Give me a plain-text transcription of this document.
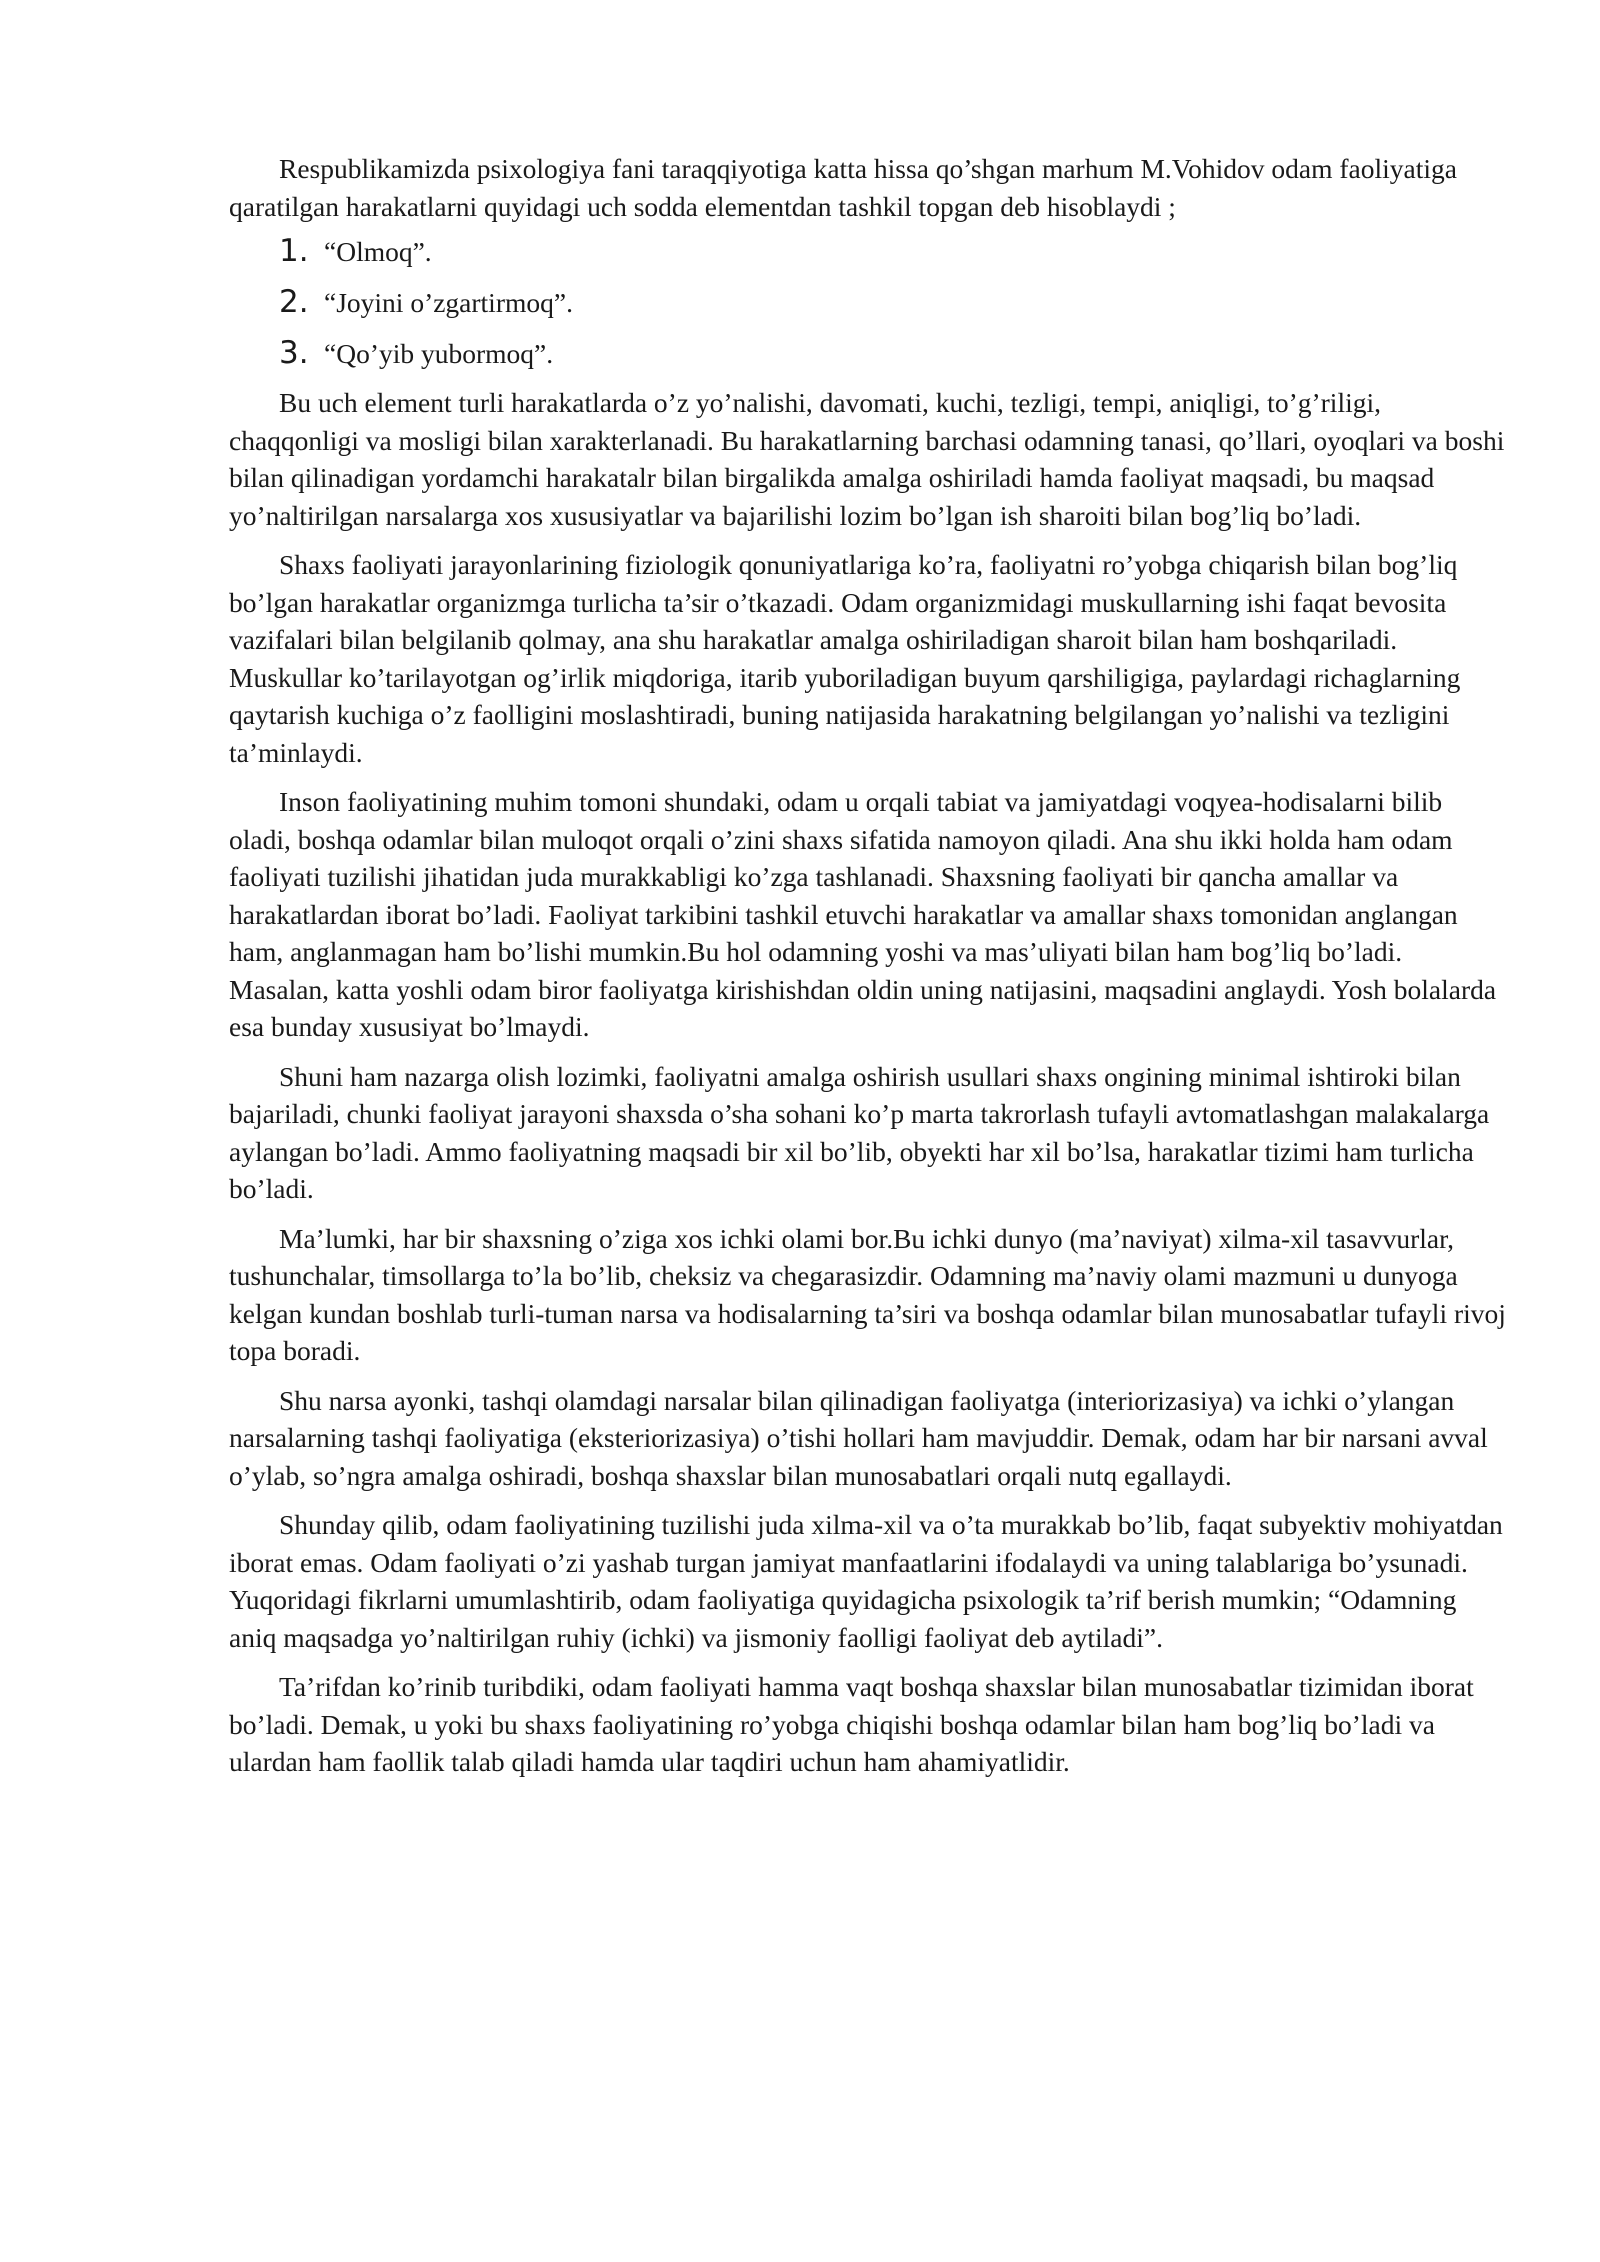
Respublikamizda psixologiya fani taraqqiyotiga katta hissa qo’shgan marhum M.Vohidov odam faoliyatiga qaratilgan harakatlarni quyidagi uch sodda elementdan tashkil topgan deb hisoblaydi ;

1. “Olmoq”.
2. “Joyini o’zgartirmoq”.
3. “Qo’yib yubormoq”.

Bu uch element turli harakatlarda o’z yo’nalishi, davomati, kuchi, tezligi, tempi, aniqligi, to’g’riligi, chaqqonligi va mosligi bilan xarakterlanadi. Bu harakatlarning barchasi odamning tanasi, qo’llari, oyoqlari va boshi bilan qilinadigan yordamchi harakatalr bilan birgalikda amalga oshiriladi hamda faoliyat maqsadi, bu maqsad yo’naltirilgan narsalarga xos xususiyatlar va bajarilishi lozim bo’lgan ish sharoiti bilan bog’liq bo’ladi.

Shaxs faoliyati jarayonlarining fiziologik qonuniyatlariga ko’ra, faoliyatni ro’yobga chiqarish bilan bog’liq bo’lgan harakatlar organizmga turlicha ta’sir o’tkazadi. Odam organizmidagi muskullarning ishi faqat bevosita vazifalari bilan belgilanib qolmay, ana shu harakatlar amalga oshiriladigan sharoit bilan ham boshqariladi. Muskullar ko’tarilayotgan og’irlik miqdoriga, itarib yuboriladigan buyum qarshiligiga, paylardagi richaglarning qaytarish kuchiga o’z faolligini moslashtiradi, buning natijasida harakatning belgilangan yo’nalishi va tezligini ta’minlaydi.

Inson faoliyatining muhim tomoni shundaki, odam u orqali tabiat va jamiyatdagi voqyea-hodisalarni bilib oladi, boshqa odamlar bilan muloqot orqali o’zini shaxs sifatida namoyon qiladi. Ana shu ikki holda ham odam faoliyati tuzilishi jihatidan juda murakkabligi ko’zga tashlanadi. Shaxsning faoliyati bir qancha amallar va harakatlardan iborat bo’ladi. Faoliyat tarkibini tashkil etuvchi harakatlar va amallar shaxs tomonidan anglangan ham, anglanmagan ham bo’lishi mumkin.Bu hol odamning yoshi va mas’uliyati bilan ham bog’liq bo’ladi. Masalan, katta yoshli odam biror faoliyatga kirishishdan oldin uning natijasini, maqsadini anglaydi. Yosh bolalarda esa bunday xususiyat bo’lmaydi.

Shuni ham nazarga olish lozimki, faoliyatni amalga oshirish usullari shaxs ongining minimal ishtiroki bilan bajariladi, chunki faoliyat jarayoni shaxsda o’sha sohani ko’p marta takrorlash tufayli avtomatlashgan malakalarga aylangan bo’ladi. Ammo faoliyatning maqsadi bir xil bo’lib, obyekti har xil bo’lsa, harakatlar tizimi ham turlicha bo’ladi.

Ma’lumki, har bir shaxsning o’ziga xos ichki olami bor.Bu ichki dunyo (ma’naviyat) xilma-xil tasavvurlar, tushunchalar, timsollarga to’la bo’lib, cheksiz va chegarasizdir. Odamning ma’naviy olami mazmuni u dunyoga kelgan kundan boshlab turli-tuman narsa va hodisalarning ta’siri va boshqa odamlar bilan munosabatlar tufayli rivoj topa boradi.

Shu narsa ayonki, tashqi olamdagi narsalar bilan qilinadigan faoliyatga (interiorizasiya) va ichki o’ylangan narsalarning tashqi faoliyatiga (eksteriorizasiya) o’tishi hollari ham mavjuddir. Demak, odam har bir narsani avval o’ylab, so’ngra amalga oshiradi, boshqa shaxslar bilan munosabatlari orqali nutq egallaydi.

Shunday qilib, odam faoliyatining tuzilishi juda xilma-xil va o’ta murakkab bo’lib, faqat subyektiv mohiyatdan iborat emas. Odam faoliyati o’zi yashab turgan jamiyat manfaatlarini ifodalaydi va uning talablariga bo’ysunadi. Yuqoridagi fikrlarni umumlashtirib, odam faoliyatiga quyidagicha psixologik ta’rif berish mumkin; “Odamning aniq maqsadga yo’naltirilgan ruhiy (ichki) va jismoniy faolligi faoliyat deb aytiladi”.

Ta’rifdan ko’rinib turibdiki, odam faoliyati hamma vaqt boshqa shaxslar bilan munosabatlar tizimidan iborat bo’ladi. Demak, u yoki bu shaxs faoliyatining ro’yobga chiqishi boshqa odamlar bilan ham bog’liq bo’ladi va ulardan ham faollik talab qiladi hamda ular taqdiri uchun ham ahamiyatlidir.
